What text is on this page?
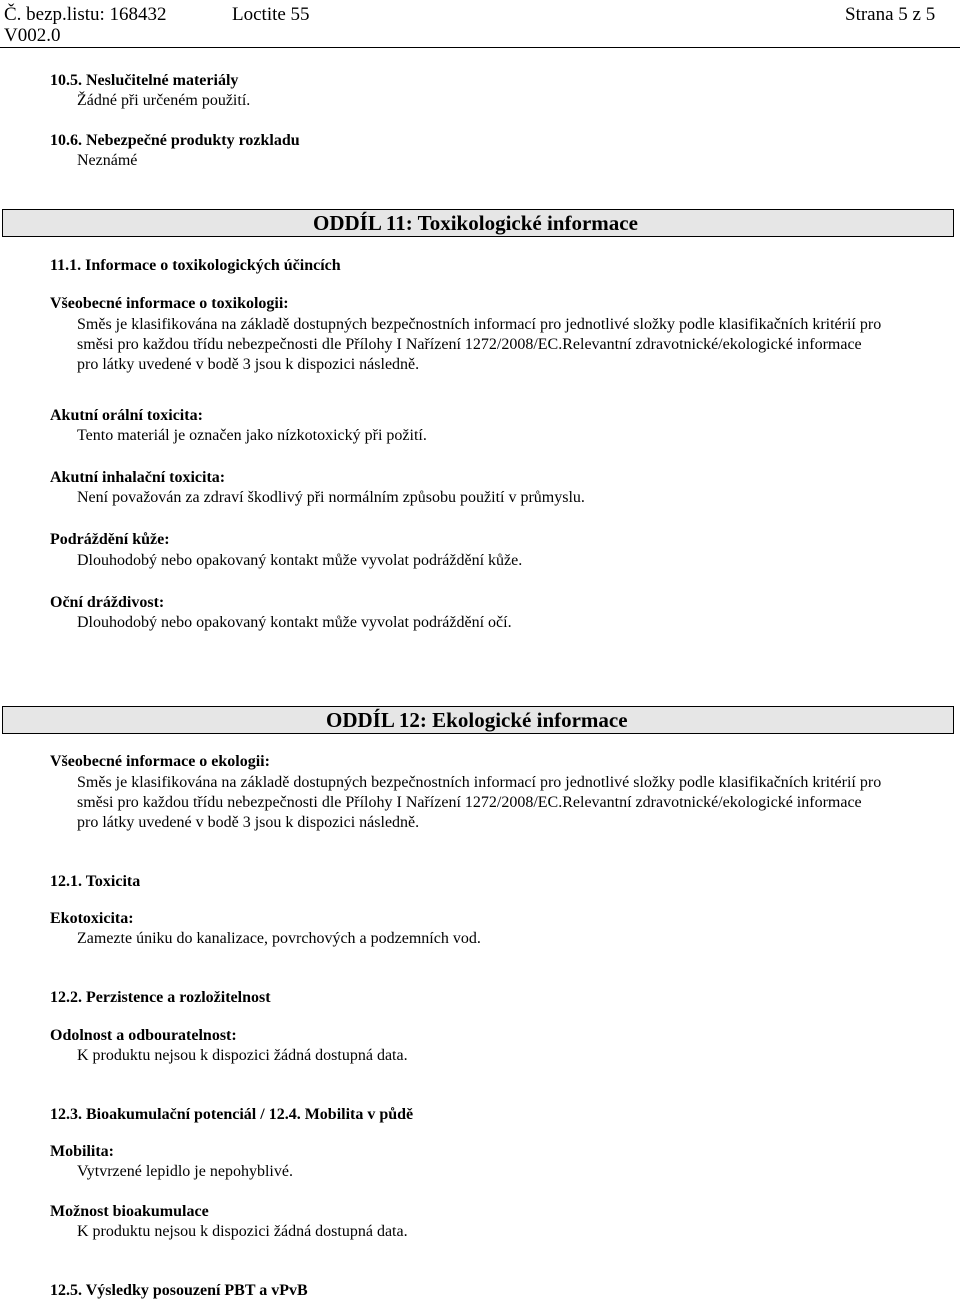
Č. bezp.listu: 168432	Loctite 55	Strana 5 z 5
V002.0
10.5. Neslučitelné materiály
Žádné při určeném použití.
10.6. Nebezpečné produkty rozkladu
Neznámé
ODDÍL 11: Toxikologické informace
11.1. Informace o toxikologických účincích
Všeobecné informace o toxikologii:
Směs je klasifikována na základě dostupných bezpečnostních informací pro jednotlivé složky podle klasifikačních kritérií pro
směsi pro každou třídu nebezpečnosti dle Přílohy I Nařízení 1272/2008/EC.Relevantní zdravotnické/ekologické informace
pro látky uvedené v bodě 3 jsou k dispozici následně.
Akutní orální toxicita:
Tento materiál je označen jako nízkotoxický při požití.
Akutní inhalační toxicita:
Není považován za zdraví škodlivý při normálním způsobu použití v průmyslu.
Podráždění kůže:
Dlouhodobý nebo opakovaný kontakt může vyvolat podráždění kůže.
Oční dráždivost:
Dlouhodobý nebo opakovaný kontakt může vyvolat podráždění očí.
ODDÍL 12: Ekologické informace
Všeobecné informace o ekologii:
Směs je klasifikována na základě dostupných bezpečnostních informací pro jednotlivé složky podle klasifikačních kritérií pro
směsi pro každou třídu nebezpečnosti dle Přílohy I Nařízení 1272/2008/EC.Relevantní zdravotnické/ekologické informace
pro látky uvedené v bodě 3 jsou k dispozici následně.
12.1. Toxicita
Ekotoxicita:
Zamezte úniku do kanalizace, povrchových a podzemních vod.
12.2. Perzistence a rozložitelnost
Odolnost a odbouratelnost:
K produktu nejsou k dispozici žádná dostupná data.
12.3. Bioakumulační potenciál / 12.4. Mobilita v půdě
Mobilita:
Vytvrzené lepidlo je nepohyblivé.
Možnost bioakumulace
K produktu nejsou k dispozici žádná dostupná data.
12.5. Výsledky posouzení PBT a vPvB
